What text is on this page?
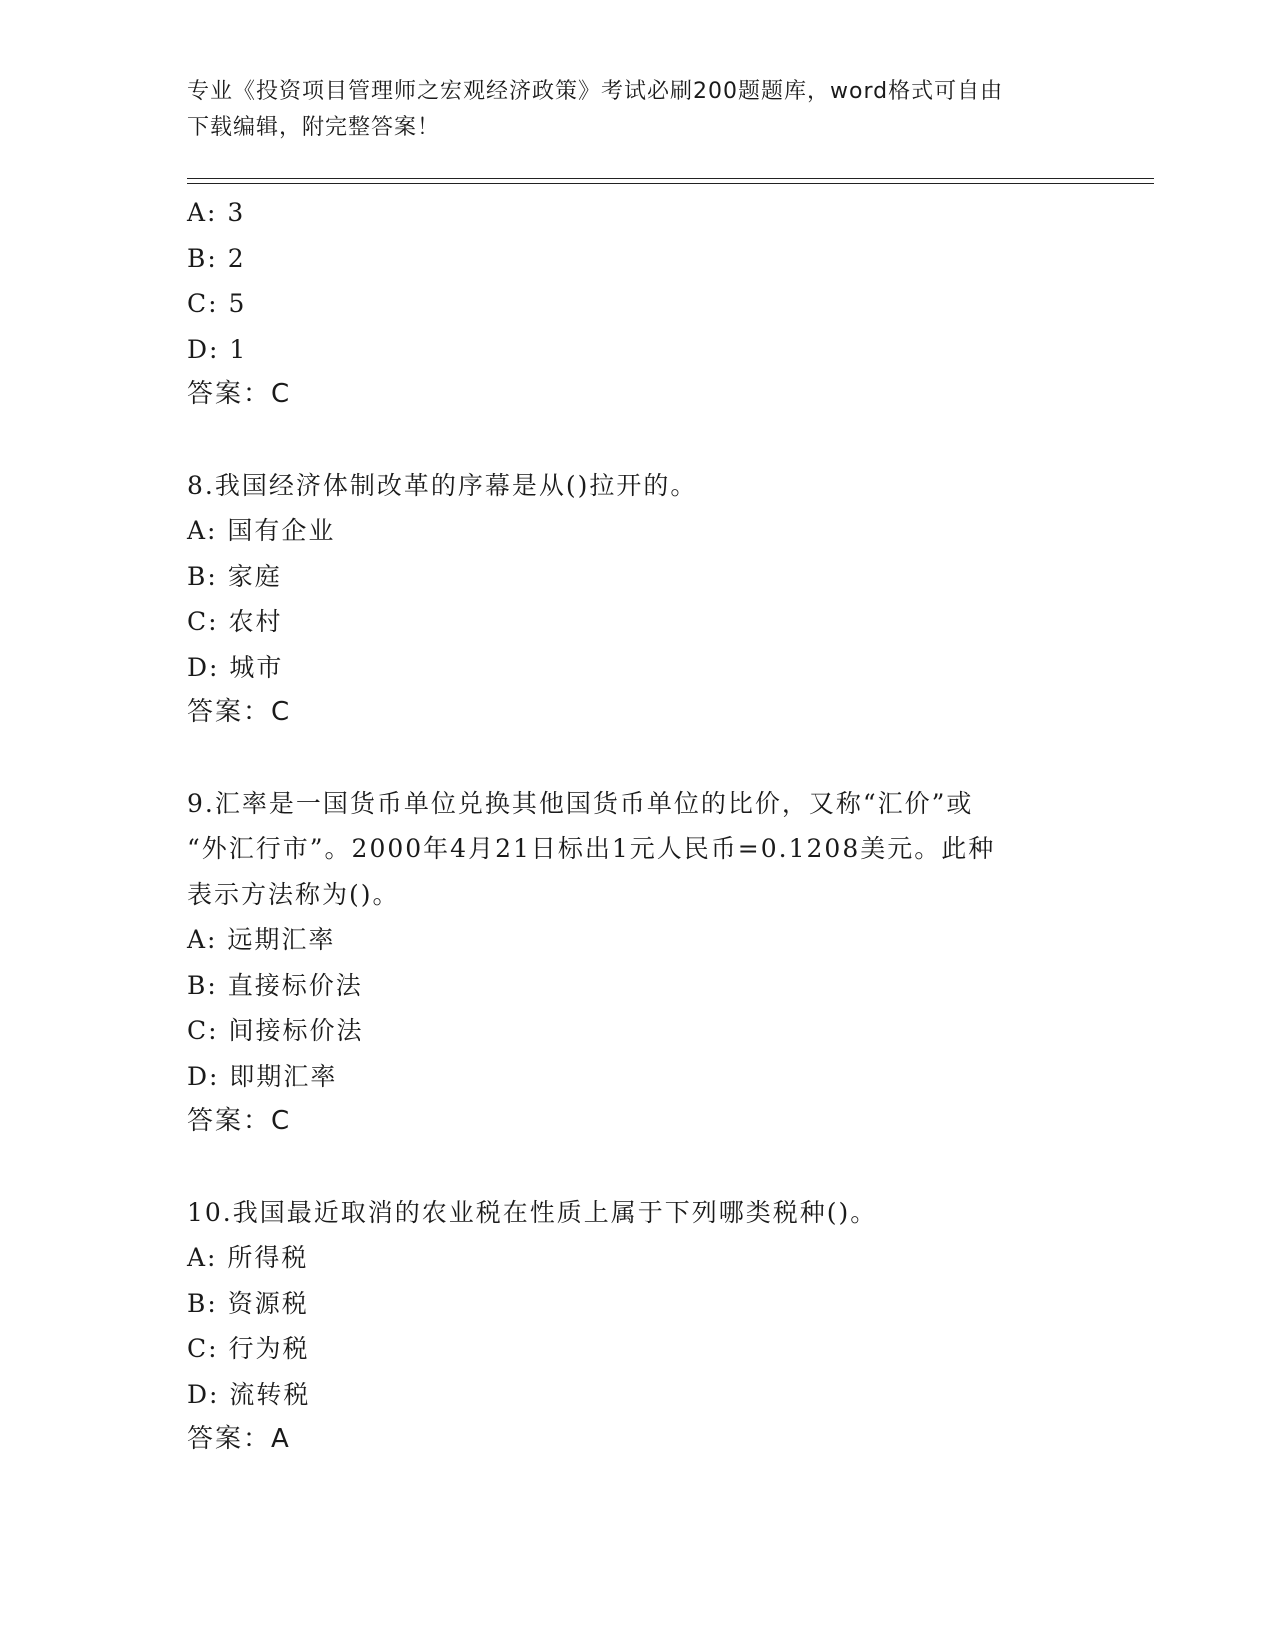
专业《投资项目管理师之宏观经济政策》考试必刷200题题库，word格式可自由
下载编辑，附完整答案！
A: 3
B: 2
C: 5
D: 1
答案：C
8.我国经济体制改革的序幕是从()拉开的。
A: 国有企业
B: 家庭
C: 农村
D: 城市
答案：C
9.汇率是一国货币单位兑换其他国货币单位的比价，又称“汇价”或
“外汇行市”。2000年4月21日标出1元人民币=0.1208美元。此种
表示方法称为()。
A: 远期汇率
B: 直接标价法
C: 间接标价法
D: 即期汇率
答案：C
10.我国最近取消的农业税在性质上属于下列哪类税种()。
A: 所得税
B: 资源税
C: 行为税
D: 流转税
答案：A
